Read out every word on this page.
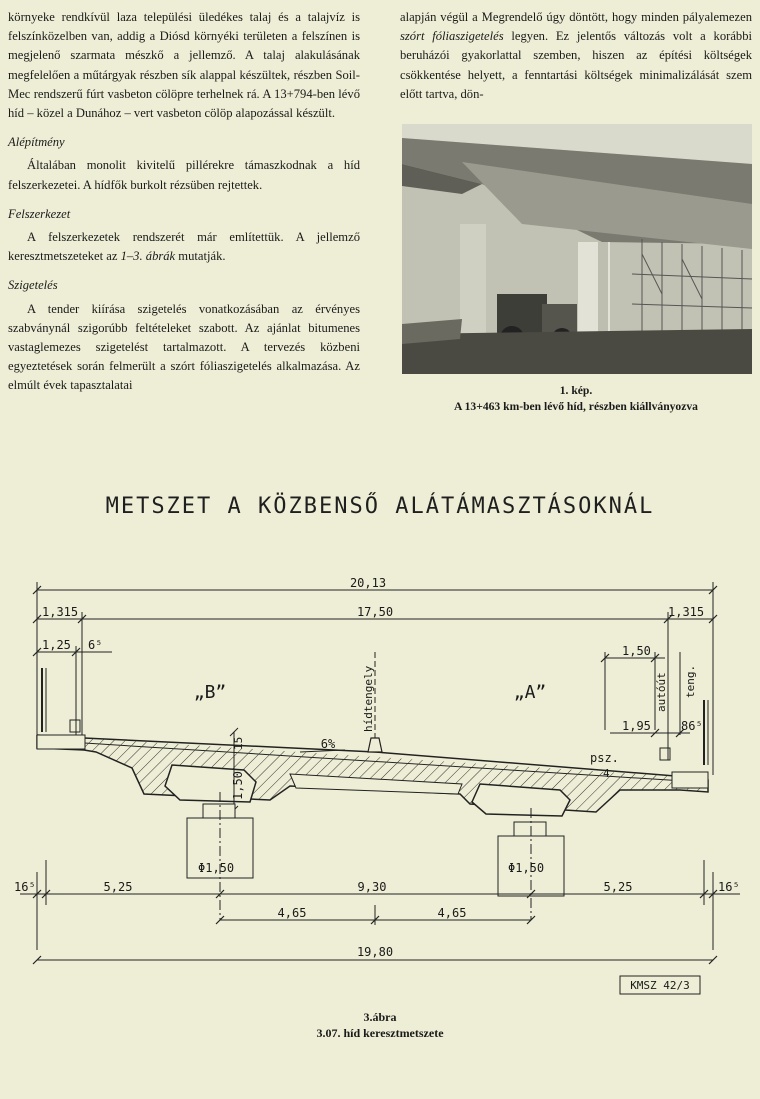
környeke rendkívül laza települési üledékes talaj és a talajvíz is felszínközelben van, addig a Diósd környéki területen a felszínen is megjelenő szarmata mészkő a jellemző. A talaj alakulásának megfelelően a műtárgyak részben sík alappal készültek, részben Soil-Mec rendszerű fúrt vasbeton cölöpre terhelnek rá. A 13+794-ben lévő híd – közel a Dunához – vert vasbeton cölöp alapozással készült.

Alépítmény

Általában monolit kivitelű pillérekre támaszkodnak a híd felszerkezetei. A hídfők burkolt rézsüben rejtettek.

Felszerkezet

A felszerkezetek rendszerét már említettük. A jellemző keresztmetszeteket az 1–3. ábrák mutatják.

Szigetelés

A tender kiírása szigetelés vonatkozásában az érvényes szabványnál szigorúbb feltételeket szabott. Az ajánlat bitumenes vastaglemezes szigetelést tartalmazott. A tervezés közbeni egyeztetések során felmerült a szórt fóliaszigetelés alkalmazása. Az elmúlt évek tapasztalatai

alapján végül a Megrendelő úgy döntött, hogy minden pályalemezen szórt fóliaszigetelés legyen. Ez jelentős változás volt a korábbi beruházói gyakorlattal szemben, hiszen az építési költségek csökkentése helyett, a fenntartási költségek minimalizálását szem előtt tartva, dön-

1. kép.
A 13+463 km-ben lévő híd, részben kiállványozva
METSZET A KÖZBENSŐ ALÁTÁMASZTÁSOKNÁL
20,13
17,50
1,315	1,315
1,25 6⁵
„B”	„A”
hídtengely
6%
15
1,50
1,50
1,95	86⁵
autóút teng.
psz.
4
Φ1,50	Φ1,50
16⁵	16⁵
5,25	9,30	5,25
4,65	4,65
19,80
KMSZ 42/3
3.ábra
3.07. híd keresztmetszete
